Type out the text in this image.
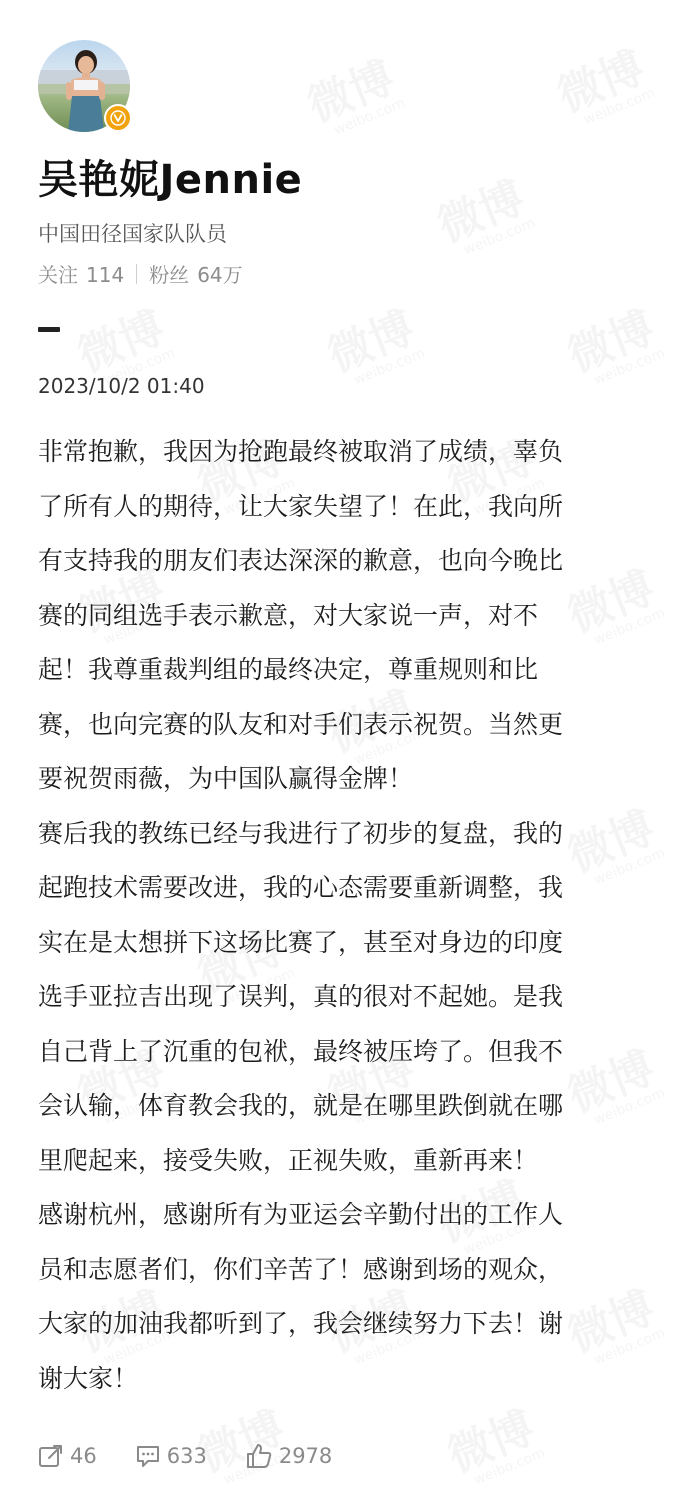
吴艳妮Jennie
中国田径国家队队员
关注 114 粉丝 64万
2023/10/2 01:40
非常抱歉，我因为抢跑最终被取消了成绩，辜负
了所有人的期待，让大家失望了！在此，我向所
有支持我的朋友们表达深深的歉意，也向今晚比
赛的同组选手表示歉意，对大家说一声，对不
起！我尊重裁判组的最终决定，尊重规则和比
赛，也向完赛的队友和对手们表示祝贺。当然更
要祝贺雨薇，为中国队赢得金牌！
赛后我的教练已经与我进行了初步的复盘，我的
起跑技术需要改进，我的心态需要重新调整，我
实在是太想拼下这场比赛了，甚至对身边的印度
选手亚拉吉出现了误判，真的很对不起她。是我
自己背上了沉重的包袱，最终被压垮了。但我不
会认输，体育教会我的，就是在哪里跌倒就在哪
里爬起来，接受失败，正视失败，重新再来！
感谢杭州，感谢所有为亚运会辛勤付出的工作人
员和志愿者们，你们辛苦了！感谢到场的观众，
大家的加油我都听到了，我会继续努力下去！谢
谢大家！
46	633	2978
